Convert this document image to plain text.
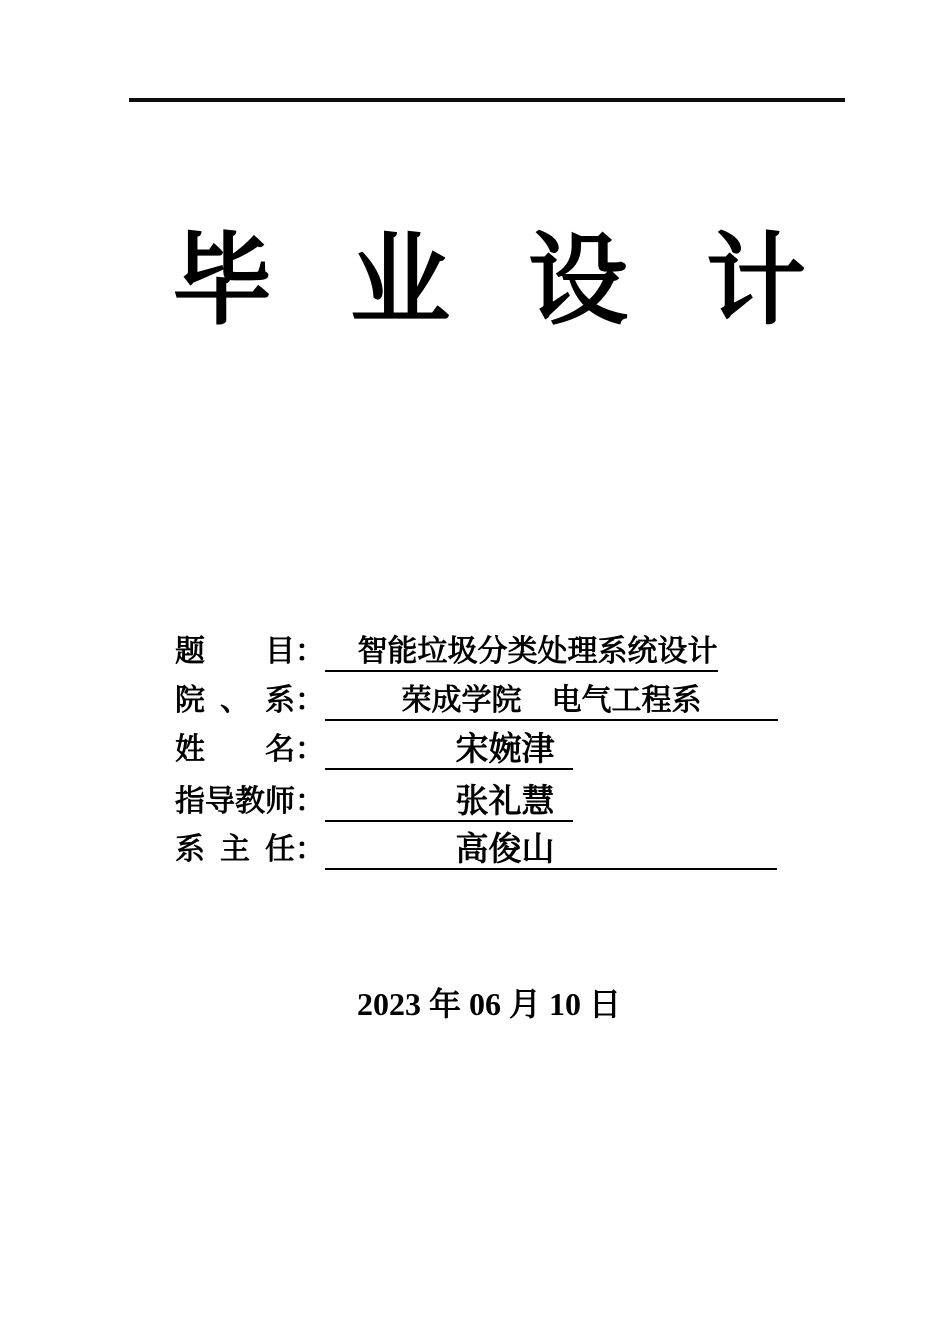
毕业设计
题目 ：	智能垃圾分类处理系统设计
院、系 ：	荣成学院　电气工程系
姓名 ：	宋婉津
指导教师 ：	张礼慧
系主任 ：	高俊山
2023 年 06 月 10 日
